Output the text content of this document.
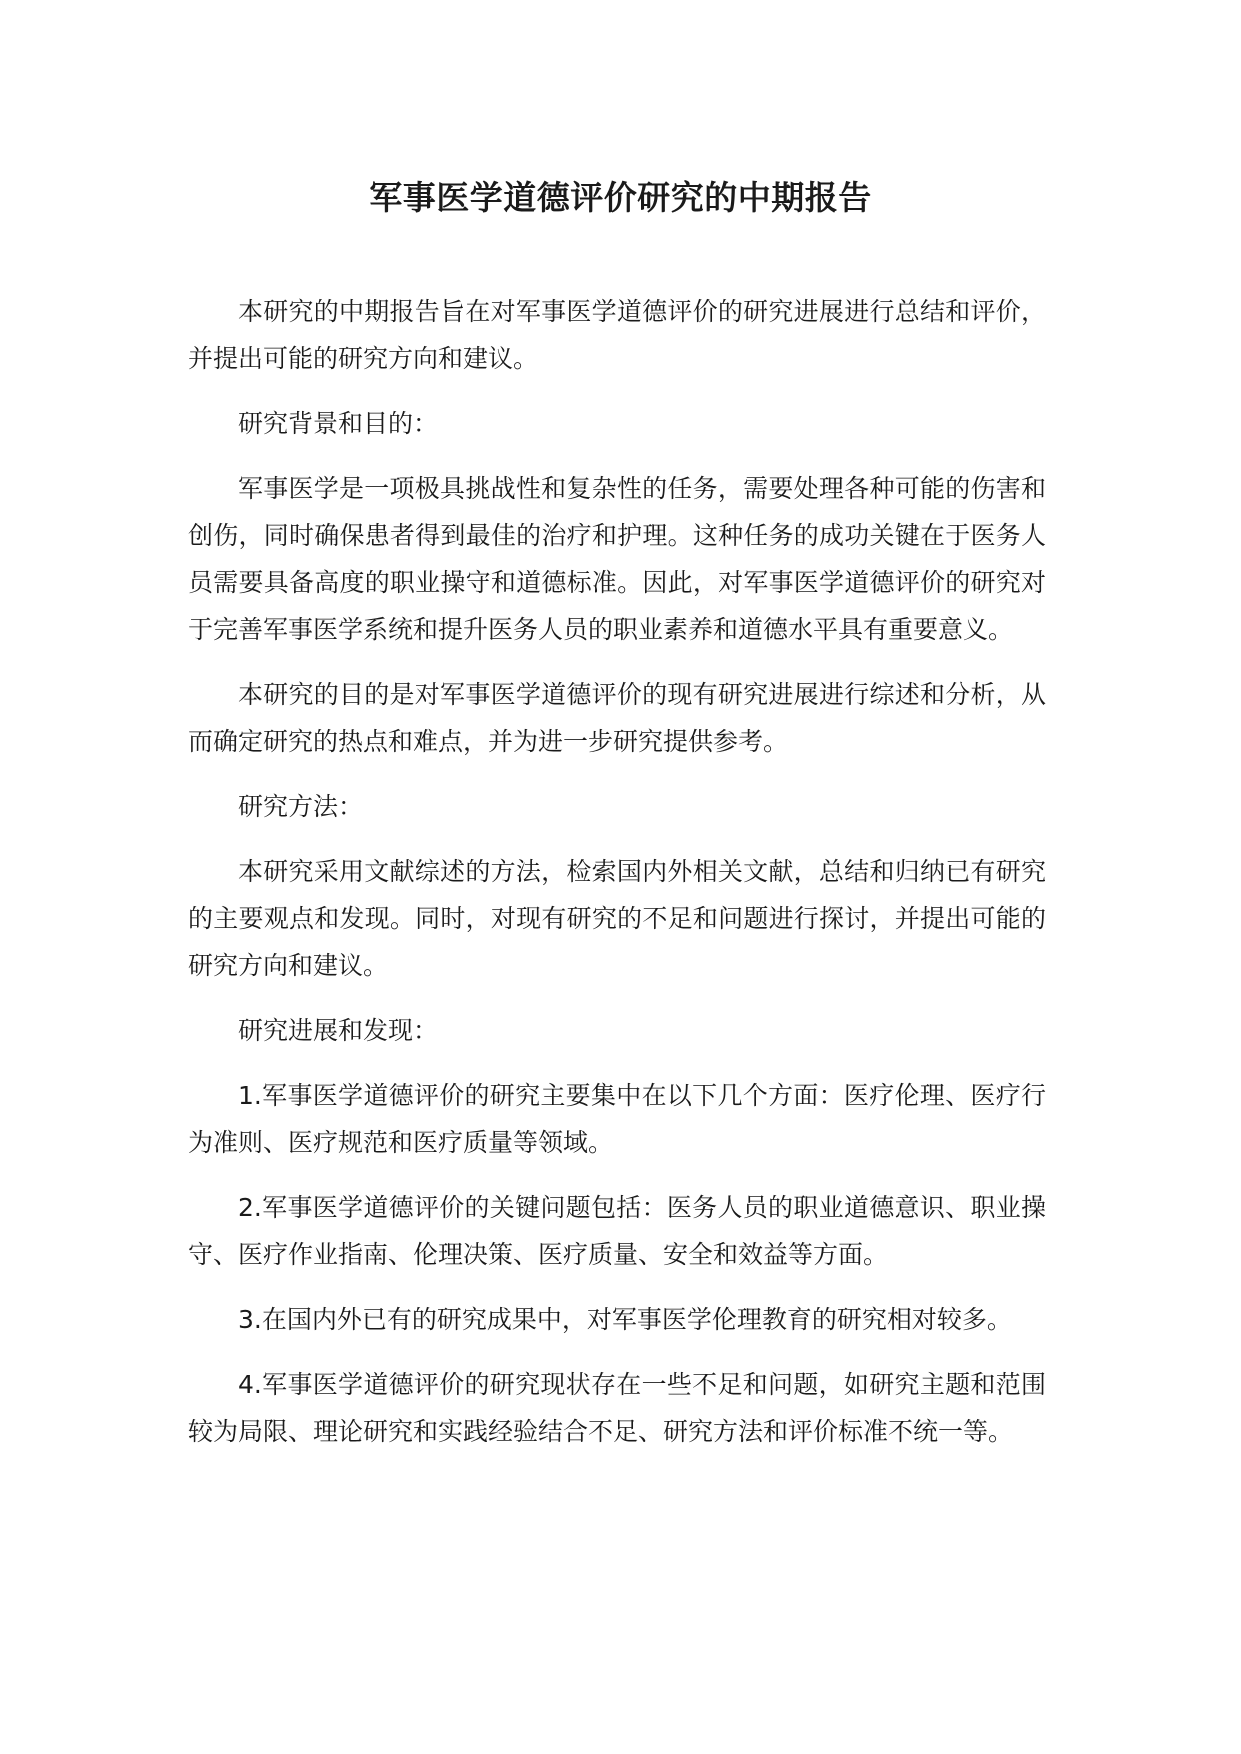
军事医学道德评价研究的中期报告

本研究的中期报告旨在对军事医学道德评价的研究进展进行总结和评价，并提出可能的研究方向和建议。

研究背景和目的：

军事医学是一项极具挑战性和复杂性的任务，需要处理各种可能的伤害和创伤，同时确保患者得到最佳的治疗和护理。这种任务的成功关键在于医务人员需要具备高度的职业操守和道德标准。因此，对军事医学道德评价的研究对于完善军事医学系统和提升医务人员的职业素养和道德水平具有重要意义。

本研究的目的是对军事医学道德评价的现有研究进展进行综述和分析，从而确定研究的热点和难点，并为进一步研究提供参考。

研究方法：

本研究采用文献综述的方法，检索国内外相关文献，总结和归纳已有研究的主要观点和发现。同时，对现有研究的不足和问题进行探讨，并提出可能的研究方向和建议。

研究进展和发现：

1.军事医学道德评价的研究主要集中在以下几个方面：医疗伦理、医疗行为准则、医疗规范和医疗质量等领域。

2.军事医学道德评价的关键问题包括：医务人员的职业道德意识、职业操守、医疗作业指南、伦理决策、医疗质量、安全和效益等方面。

3.在国内外已有的研究成果中，对军事医学伦理教育的研究相对较多。

4.军事医学道德评价的研究现状存在一些不足和问题，如研究主题和范围较为局限、理论研究和实践经验结合不足、研究方法和评价标准不统一等。
